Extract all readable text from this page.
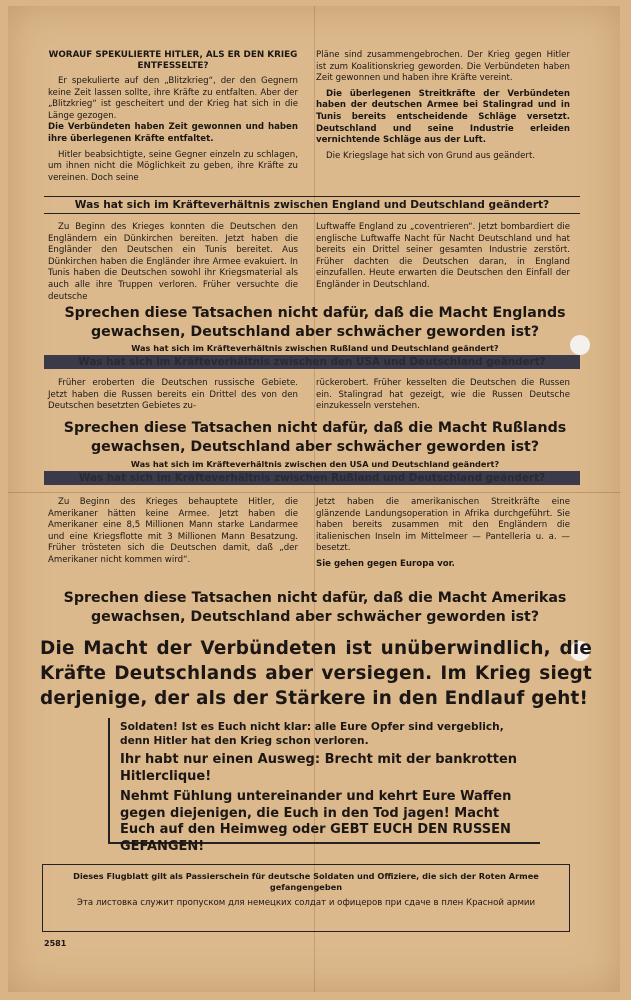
WORAUF SPEKULIERTE HITLER, ALS ER DEN KRIEG ENTFESSELTE?

Er spekulierte auf den „Blitzkrieg“, der den Gegnern keine Zeit lassen sollte, ihre Kräfte zu entfalten. Aber der „Blitzkrieg“ ist gescheitert und der Krieg hat sich in die Länge gezogen.

Die Verbündeten haben Zeit gewonnen und haben ihre überlegenen Kräfte entfaltet.

Hitler beabsichtigte, seine Gegner einzeln zu schlagen, um ihnen nicht die Möglichkeit zu geben, ihre Kräfte zu vereinen. Doch seine

Pläne sind zusammengebrochen. Der Krieg gegen Hitler ist zum Koalitionskrieg geworden. Die Verbündeten haben Zeit gewonnen und haben ihre Kräfte vereint.

Die überlegenen Streitkräfte der Verbündeten haben der deutschen Armee bei Stalingrad und in Tunis bereits entscheidende Schläge versetzt. Deutschland und seine Industrie erleiden vernichtende Schläge aus der Luft.

Die Kriegslage hat sich von Grund aus geändert.

Was hat sich im Kräfteverhältnis zwischen England und Deutschland geändert?

Zu Beginn des Krieges konnten die Deutschen den Engländern ein Dünkirchen bereiten. Jetzt haben die Engländer den Deutschen ein Tunis bereitet. Aus Dünkirchen haben die Engländer ihre Armee evakuiert. In Tunis haben die Deutschen sowohl ihr Kriegsmaterial als auch alle ihre Truppen verloren. Früher versuchte die deutsche

Luftwaffe England zu „coventrieren“. Jetzt bombardiert die englische Luftwaffe Nacht für Nacht Deutschland und hat bereits ein Drittel seiner gesamten Industrie zerstört. Früher dachten die Deutschen daran, in England einzufallen. Heute erwarten die Deutschen den Einfall der Engländer in Deutschland.

Sprechen diese Tatsachen nicht dafür, daß die Macht Englands gewachsen, Deutschland aber schwächer geworden ist?
Was hat sich im Kräfteverhältnis zwischen Rußland und Deutschland geändert?
Was hat sich im Kräfteverhältnis zwischen den USA und Deutschland geändert?

Früher eroberten die Deutschen russische Gebiete. Jetzt haben die Russen bereits ein Drittel des von den Deutschen besetzten Gebietes zu-

rückerobert. Früher kesselten die Deutschen die Russen ein. Stalingrad hat gezeigt, wie die Russen Deutsche einzukesseln verstehen.

Sprechen diese Tatsachen nicht dafür, daß die Macht Rußlands gewachsen, Deutschland aber schwächer geworden ist?
Was hat sich im Kräfteverhältnis zwischen den USA und Deutschland geändert?
Was hat sich im Kräfteverhältnis zwischen Rußland und Deutschland geändert?

Zu Beginn des Krieges behauptete Hitler, die Amerikaner hätten keine Armee. Jetzt haben die Amerikaner eine 8,5 Millionen Mann starke Landarmee und eine Kriegsflotte mit 3 Millionen Mann Besatzung. Früher trösteten sich die Deutschen damit, daß „der Amerikaner nicht kommen wird“.

Jetzt haben die amerikanischen Streitkräfte eine glänzende Landungsoperation in Afrika durchgeführt. Sie haben bereits zusammen mit den Engländern die italienischen Inseln im Mittelmeer — Pantelleria u. a. — besetzt.

Sie gehen gegen Europa vor.

Sprechen diese Tatsachen nicht dafür, daß die Macht Amerikas gewachsen, Deutschland aber schwächer geworden ist?
Die Macht der Verbündeten ist unüberwindlich, die Kräfte Deutschlands aber versiegen. Im Krieg siegt derjenige, der als der Stärkere in den Endlauf geht!

Soldaten! Ist es Euch nicht klar: alle Eure Opfer sind vergeblich, denn Hitler hat den Krieg schon verloren.

Ihr habt nur einen Ausweg: Brecht mit der bankrotten Hitlerclique!

Nehmt Fühlung untereinander und kehrt Eure Waffen gegen diejenigen, die Euch in den Tod jagen! Macht Euch auf den Heimweg oder GEBT EUCH DEN RUSSEN GEFANGEN!

Dieses Flugblatt gilt als Passierschein für deutsche Soldaten und Offiziere, die sich der Roten Armee gefangengeben
Эта листовка служит пропуском для немецких солдат и офицеров при сдаче в плен Красной армии
2581
